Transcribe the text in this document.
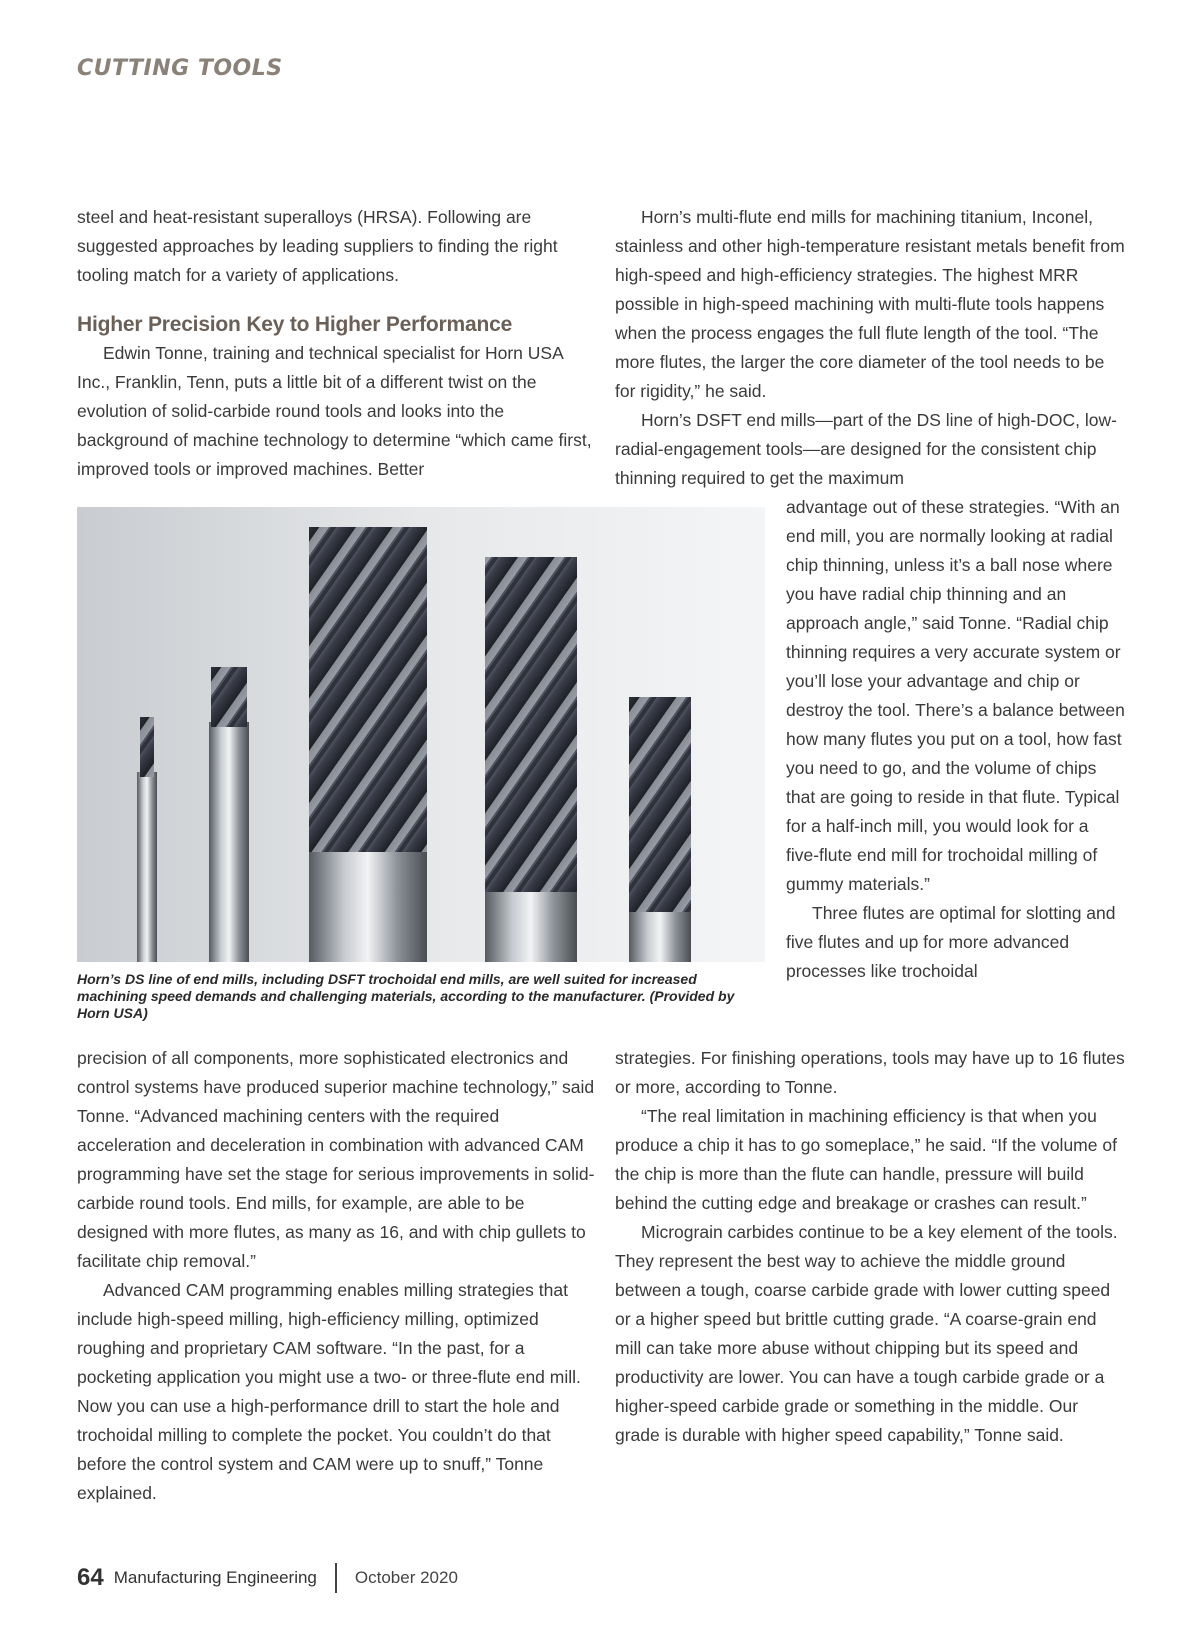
CUTTING TOOLS

steel and heat-resistant superalloys (HRSA). Following are suggested approaches by leading suppliers to finding the right tooling match for a variety of applications.

Higher Precision Key to Higher Performance

Edwin Tonne, training and technical specialist for Horn USA Inc., Franklin, Tenn, puts a little bit of a different twist on the evolution of solid-carbide round tools and looks into the background of machine technology to determine “which came first, improved tools or improved machines. Better

Horn’s multi-flute end mills for machining titanium, Inconel, stainless and other high-temperature resistant metals benefit from high-speed and high-efficiency strategies. The highest MRR possible in high-speed machining with multi-flute tools happens when the process engages the full flute length of the tool. “The more flutes, the larger the core diameter of the tool needs to be for rigidity,” he said.

Horn’s DSFT end mills—part of the DS line of high-DOC, low-radial-engagement tools—are designed for the consistent chip thinning required to get the maximum

Horn’s DS line of end mills, including DSFT trochoidal end mills, are well suited for increased machining speed demands and challenging materials, according to the manufacturer. (Provided by Horn USA)

advantage out of these strategies. “With an end mill, you are normally looking at radial chip thinning, unless it’s a ball nose where you have radial chip thinning and an approach angle,” said Tonne. “Radial chip thinning requires a very accurate system or you’ll lose your advantage and chip or destroy the tool. There’s a balance between how many flutes you put on a tool, how fast you need to go, and the volume of chips that are going to reside in that flute. Typical for a half-inch mill, you would look for a five-flute end mill for trochoidal milling of gummy materials.”

Three flutes are optimal for slotting and five flutes and up for more advanced processes like trochoidal

precision of all components, more sophisticated electronics and control systems have produced superior machine technology,” said Tonne. “Advanced machining centers with the required acceleration and deceleration in combination with advanced CAM programming have set the stage for serious improvements in solid-carbide round tools. End mills, for example, are able to be designed with more flutes, as many as 16, and with chip gullets to facilitate chip removal.”

Advanced CAM programming enables milling strategies that include high-speed milling, high-efficiency milling, optimized roughing and proprietary CAM software. “In the past, for a pocketing application you might use a two- or three-flute end mill. Now you can use a high-performance drill to start the hole and trochoidal milling to complete the pocket. You couldn’t do that before the control system and CAM were up to snuff,” Tonne explained.

strategies. For finishing operations, tools may have up to 16 flutes or more, according to Tonne.

“The real limitation in machining efficiency is that when you produce a chip it has to go someplace,” he said. “If the volume of the chip is more than the flute can handle, pressure will build behind the cutting edge and breakage or crashes can result.”

Micrograin carbides continue to be a key element of the tools. They represent the best way to achieve the middle ground between a tough, coarse carbide grade with lower cutting speed or a higher speed but brittle cutting grade. “A coarse-grain end mill can take more abuse without chipping but its speed and productivity are lower. You can have a tough carbide grade or a higher-speed carbide grade or something in the middle. Our grade is durable with higher speed capability,” Tonne said.

64 Manufacturing Engineering October 2020
